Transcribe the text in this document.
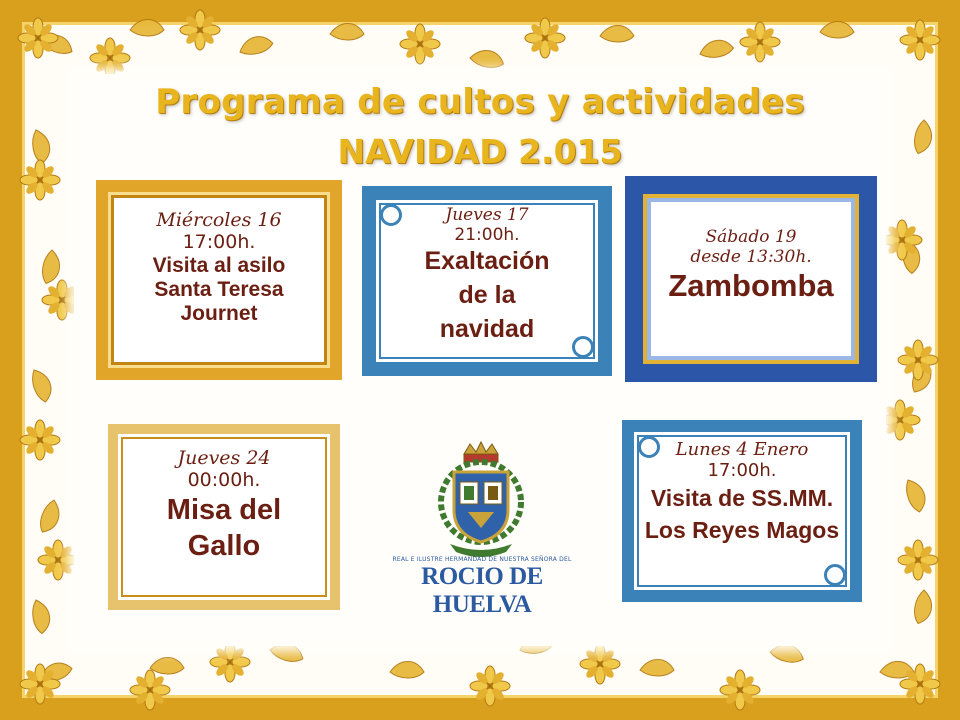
Programa de cultos y actividades
NAVIDAD 2.015
Miércoles 16
17:00h.
Visita al asilo
Santa Teresa
Journet
Jueves 17
21:00h.
Exaltación
de la
navidad
Sábado 19
desde 13:30h.
Zambomba
Jueves 24
00:00h.
Misa del
Gallo
Lunes 4 Enero
17:00h.
Visita de SS.MM.
Los Reyes Magos
REAL E ILUSTRE HERMANDAD DE NUESTRA SEÑORA DEL
ROCIO DE HUELVA
